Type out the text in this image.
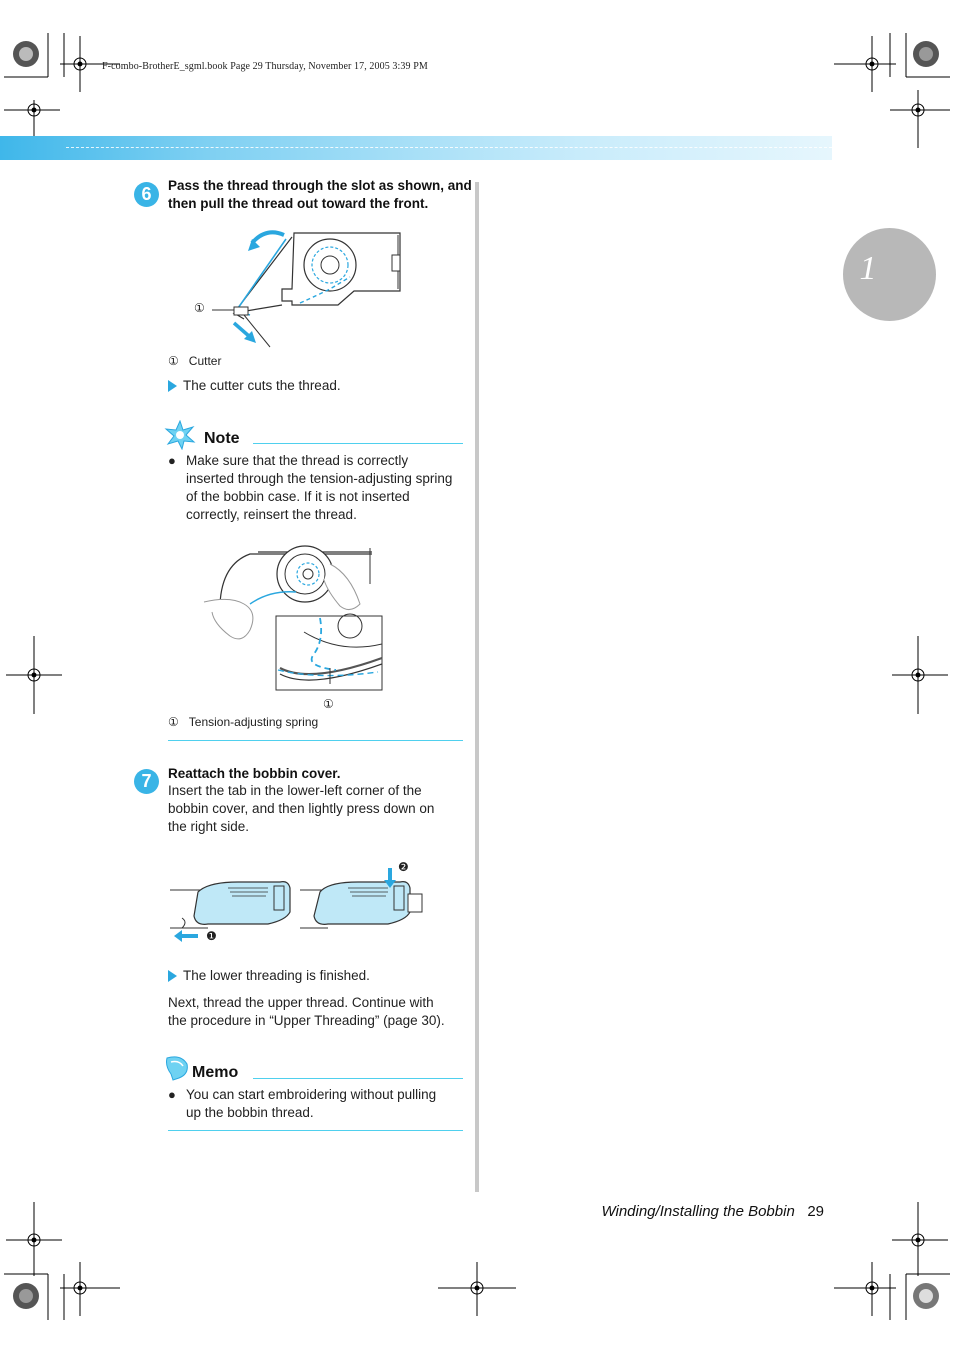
F-combo-BrotherE_sgml.book Page 29 Thursday, November 17, 2005 3:39 PM
1
6	Pass the thread through the slot as shown, and
then pull the thread out toward the front.
①
① Cutter
The cutter cuts the thread.
Note
● Make sure that the thread is correctly
inserted through the tension-adjusting spring
of the bobbin case. If it is not inserted
correctly, reinsert the thread.
①
① Tension-adjusting spring
7	Reattach the bobbin cover.
Insert the tab in the lower-left corner of the
bobbin cover, and then lightly press down on
the right side.
❶
❷
The lower threading is finished.
Next, thread the upper thread. Continue with
the procedure in “Upper Threading” (page 30).
Memo
● You can start embroidering without pulling
up the bobbin thread.
Winding/Installing the Bobbin 29
